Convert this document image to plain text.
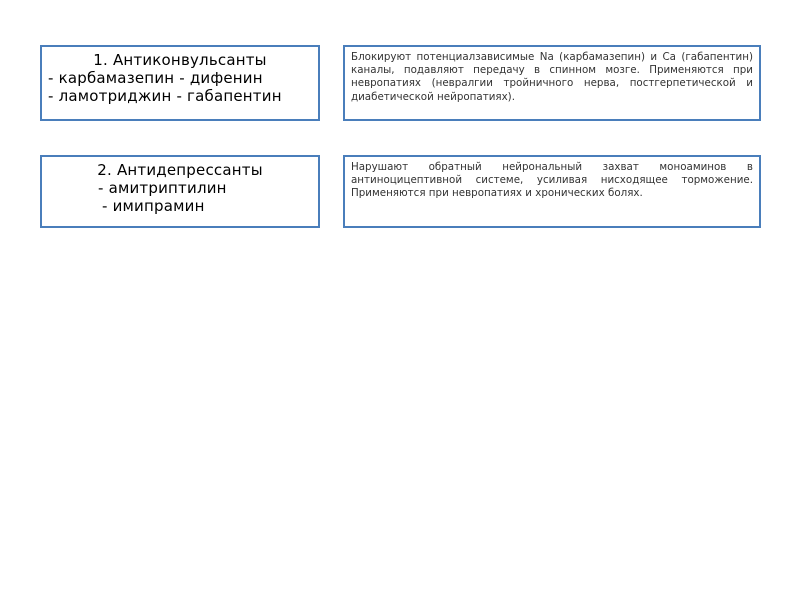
1. Антиконвульсанты
- карбамазепин - дифенин
- ламотриджин - габапентин
Блокируют потенциалзависимые Na (карбамазепин) и Са (габапентин) каналы, подавляют передачу в спинном мозге. Применяются при невропатиях (невралгии тройничного нерва, постгерпетической и диабетической нейропатиях).
2. Антидепрессанты
- амитриптилин
- имипрамин
Нарушают обратный нейрональный захват моноаминов в антиноцицептивной системе, усиливая нисходящее торможение. Применяются при невропатиях и хронических болях.
